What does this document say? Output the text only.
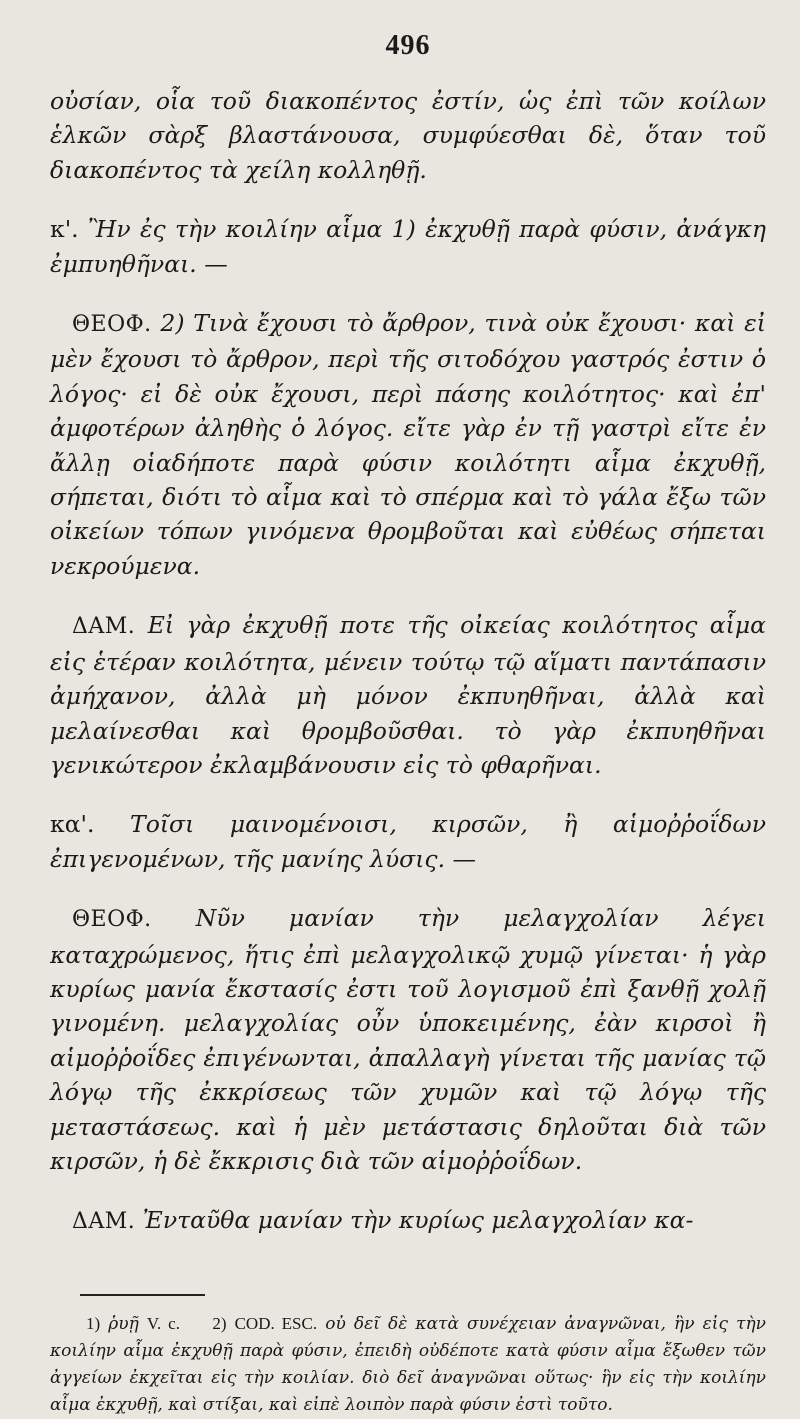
496

οὐσίαν, οἷα τοῦ διακοπέντος ἐστίν, ὡς ἐπὶ τῶν κοίλων ἑλκῶν σὰρξ βλαστάνουσα, συμφύεσθαι δὲ, ὅταν τοῦ διακοπέντος τὰ χείλη κολληθῇ.

κ'. Ἢν ἐς τὴν κοιλίην αἷμα 1) ἐκχυθῇ παρὰ φύσιν, ἀνάγκη ἐμπυηθῆναι. —

ΘΕΟΦ. 2) Τινὰ ἔχουσι τὸ ἄρθρον, τινὰ οὐκ ἔχουσι· καὶ εἰ μὲν ἔχουσι τὸ ἄρθρον, περὶ τῆς σιτοδόχου γαστρός ἐστιν ὁ λόγος· εἰ δὲ οὐκ ἔχουσι, περὶ πάσης κοιλότητος· καὶ ἐπ' ἀμφοτέρων ἀληθὴς ὁ λόγος. εἴτε γὰρ ἐν τῇ γαστρὶ εἴτε ἐν ἄλλῃ οἱαδήποτε παρὰ φύσιν κοιλότητι αἷμα ἐκχυθῇ, σήπεται, διότι τὸ αἷμα καὶ τὸ σπέρμα καὶ τὸ γάλα ἔξω τῶν οἰκείων τόπων γινόμενα θρομβοῦται καὶ εὐθέως σήπεται νεκρούμενα.

ΔΑΜ. Εἰ γὰρ ἐκχυθῇ ποτε τῆς οἰκείας κοιλότητος αἷμα εἰς ἑτέραν κοιλότητα, μένειν τούτῳ τῷ αἵματι παντάπασιν ἀμήχανον, ἀλλὰ μὴ μόνον ἐκπυηθῆναι, ἀλλὰ καὶ μελαίνεσθαι καὶ θρομβοῦσθαι. τὸ γὰρ ἐκπυηθῆναι γενικώτερον ἐκλαμβάνουσιν εἰς τὸ φθαρῆναι.

κα'. Τοῖσι μαινομένοισι, κιρσῶν, ἢ αἱμοῤῥοΐδων ἐπιγενομένων, τῆς μανίης λύσις. —

ΘΕΟΦ. Νῦν μανίαν τὴν μελαγχολίαν λέγει καταχρώμενος, ἥτις ἐπὶ μελαγχολικῷ χυμῷ γίνεται· ἡ γὰρ κυρίως μανία ἔκστασίς ἐστι τοῦ λογισμοῦ ἐπὶ ξανθῇ χολῇ γινομένη. μελαγχολίας οὖν ὑποκειμένης, ἐὰν κιρσοὶ ἢ αἱμοῤῥοΐδες ἐπιγένωνται, ἀπαλλαγὴ γίνεται τῆς μανίας τῷ λόγῳ τῆς ἐκκρίσεως τῶν χυμῶν καὶ τῷ λόγῳ τῆς μεταστάσεως. καὶ ἡ μὲν μετάστασις δηλοῦται διὰ τῶν κιρσῶν, ἡ δὲ ἔκκρισις διὰ τῶν αἱμοῤῥοΐδων.

ΔΑΜ. Ἐνταῦθα μανίαν τὴν κυρίως μελαγχολίαν κα-

1) ῥυῇ V. c. 2) COD. ESC. οὐ δεῖ δὲ κατὰ συνέχειαν ἀναγνῶναι, ἣν εἰς τὴν κοιλίην αἷμα ἐκχυθῇ παρὰ φύσιν, ἐπειδὴ οὐδέποτε κατὰ φύσιν αἷμα ἔξωθεν τῶν ἀγγείων ἐκχεῖται εἰς τὴν κοιλίαν. διὸ δεῖ ἀναγνῶναι οὕτως· ἣν εἰς τὴν κοιλίην αἷμα ἐκχυθῇ, καὶ στίξαι, καὶ εἰπὲ λοιπὸν παρὰ φύσιν ἐστὶ τοῦτο.
